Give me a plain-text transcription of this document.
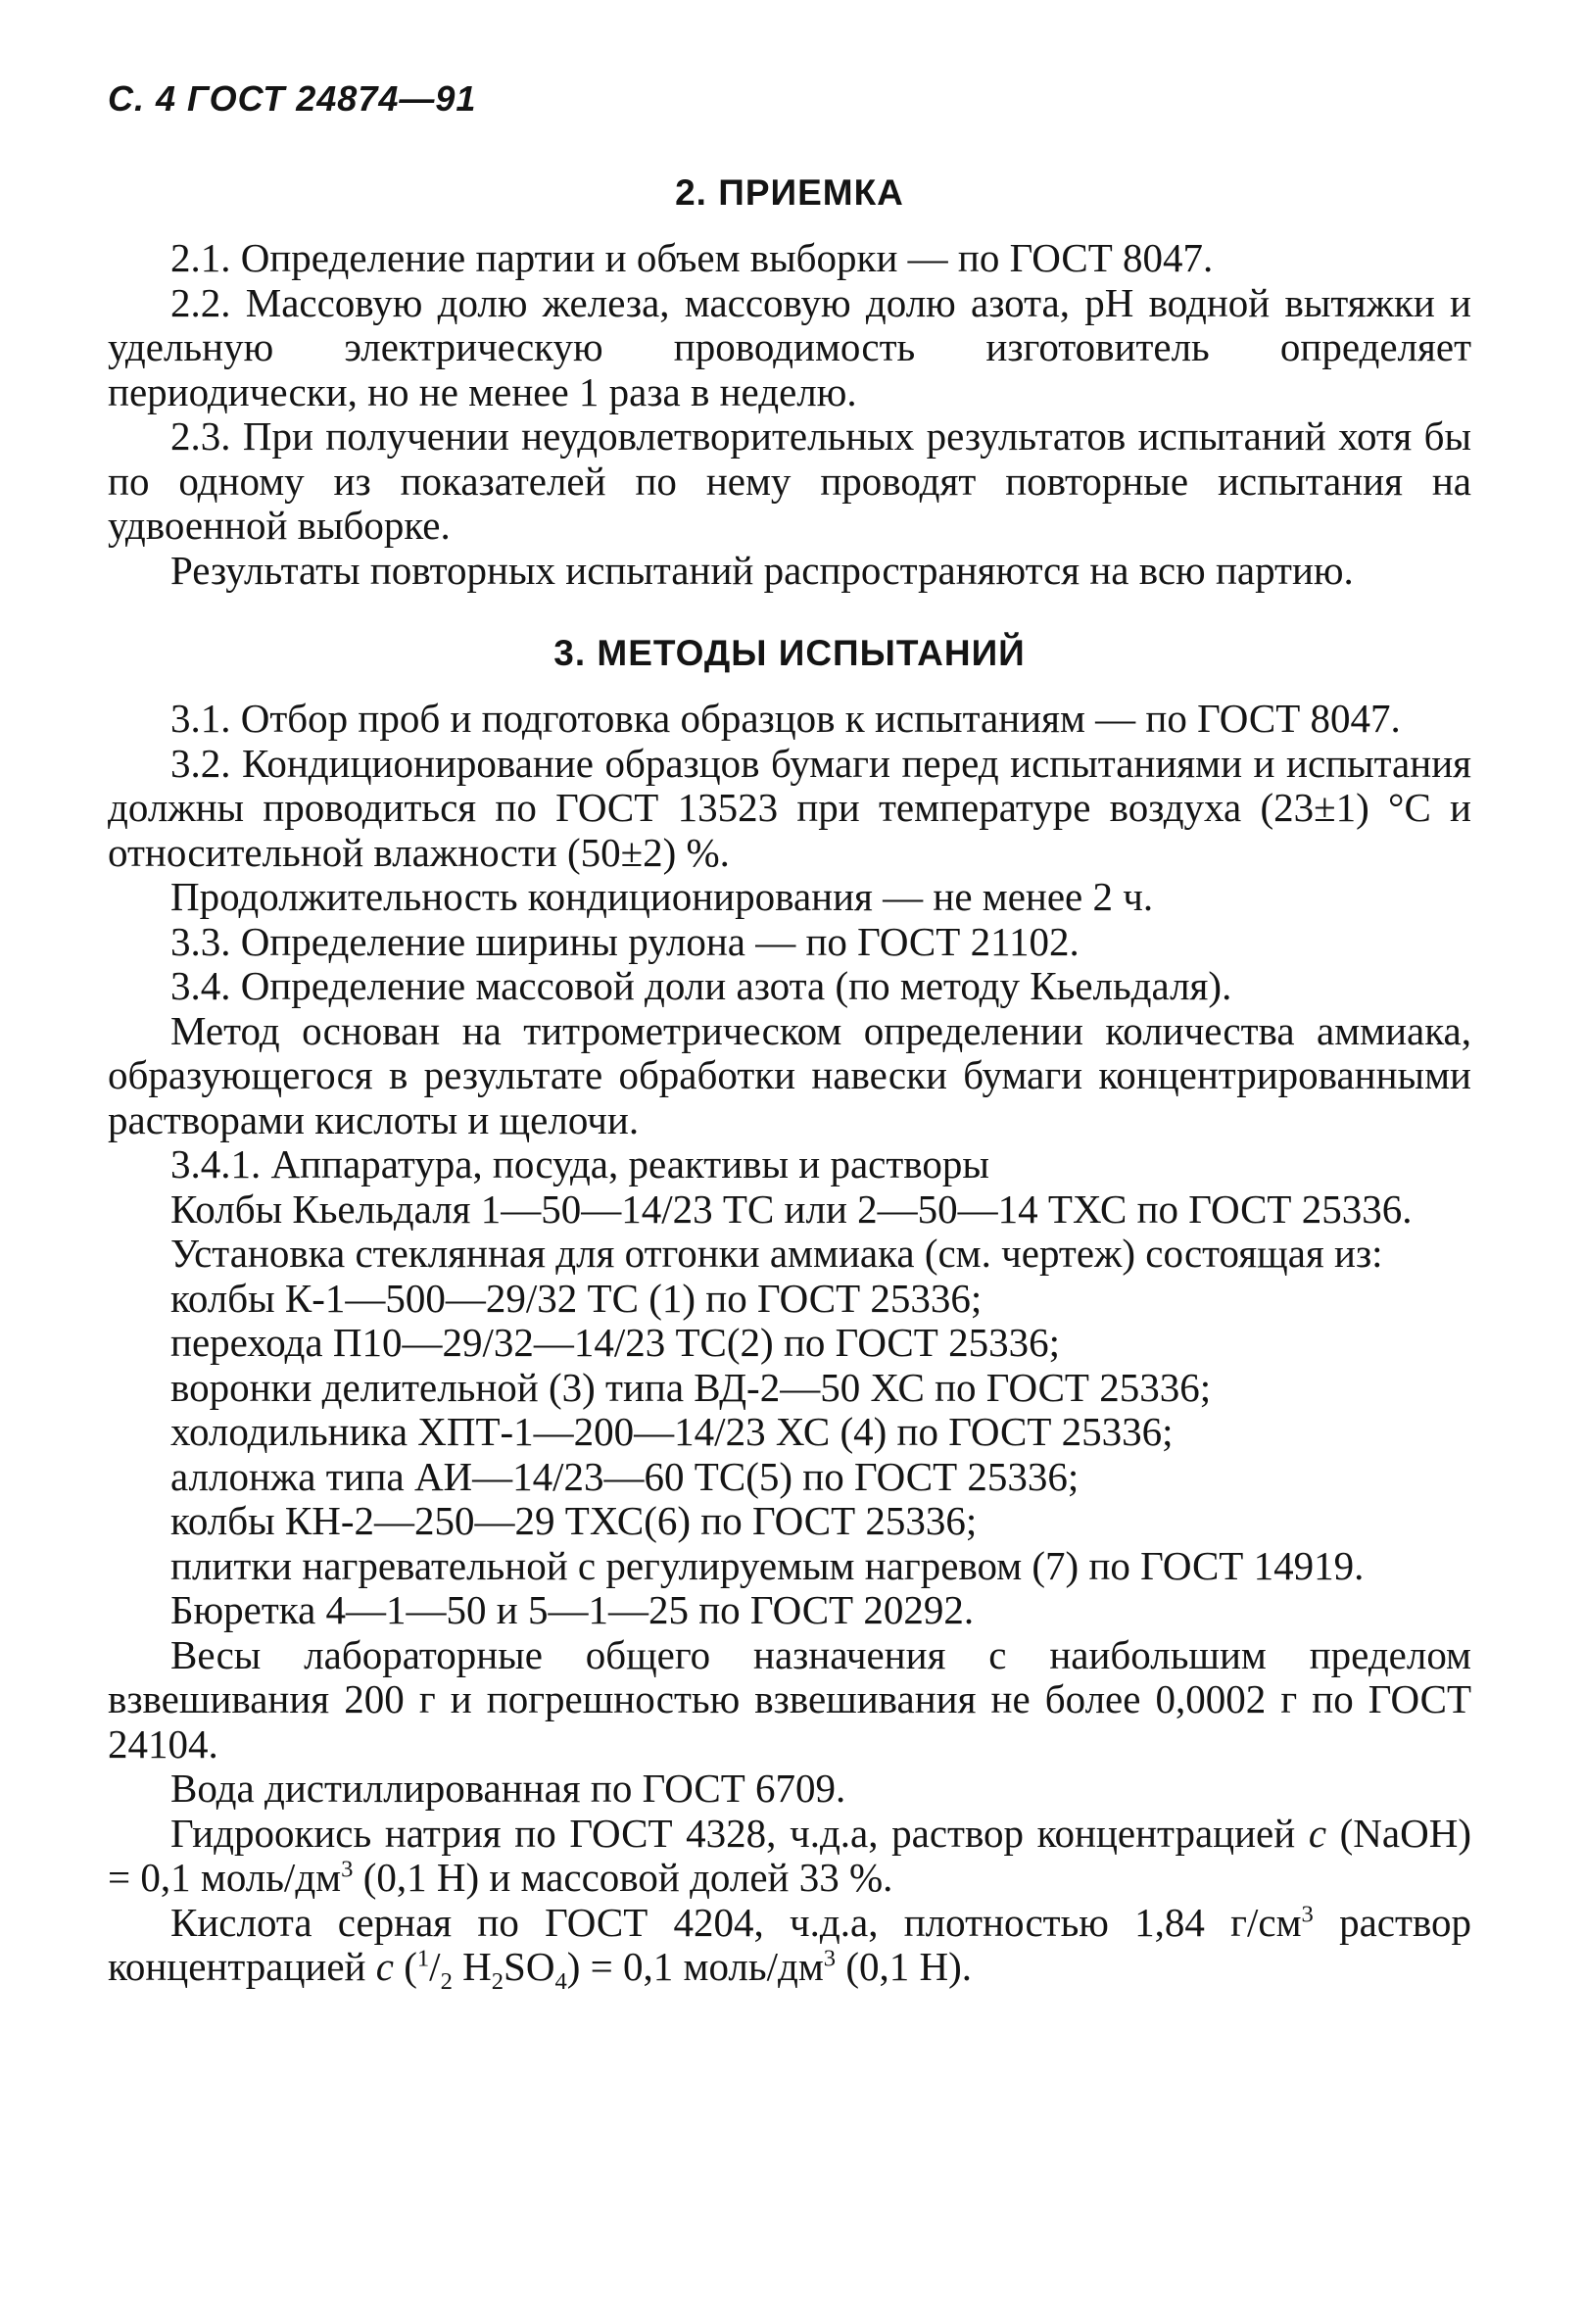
С. 4 ГОСТ 24874—91
2. ПРИЕМКА

2.1. Определение партии и объем выборки — по ГОСТ 8047.

2.2. Массовую долю железа, массовую долю азота, pH водной вытяжки и удельную электрическую проводимость изготовитель определяет периодически, но не менее 1 раза в неделю.

2.3. При получении неудовлетворительных результатов испытаний хотя бы по одному из показателей по нему проводят повторные испытания на удвоенной выборке.

Результаты повторных испытаний распространяются на всю партию.

3. МЕТОДЫ ИСПЫТАНИЙ

3.1. Отбор проб и подготовка образцов к испытаниям — по ГОСТ 8047.

3.2. Кондиционирование образцов бумаги перед испытаниями и испытания должны проводиться по ГОСТ 13523 при температуре воздуха (23±1) °С и относительной влажности (50±2) %.

Продолжительность кондиционирования — не менее 2 ч.

3.3. Определение ширины рулона — по ГОСТ 21102.

3.4. Определение массовой доли азота (по методу Кьельдаля).

Метод основан на титрометрическом определении количества аммиака, образующегося в результате обработки навески бумаги концентрированными растворами кислоты и щелочи.

3.4.1. Аппаратура, посуда, реактивы и растворы

Колбы Кьельдаля 1—50—14/23 ТС или 2—50—14 ТХС по ГОСТ 25336.

Установка стеклянная для отгонки аммиака (см. чертеж) состоящая из:

колбы К-1—500—29/32 ТС (1) по ГОСТ 25336;

перехода П10—29/32—14/23 ТС(2) по ГОСТ 25336;

воронки делительной (3) типа ВД-2—50 ХС по ГОСТ 25336;

холодильника ХПТ-1—200—14/23 ХС (4) по ГОСТ 25336;

аллонжа типа АИ—14/23—60 ТС(5) по ГОСТ 25336;

колбы КН-2—250—29 ТХС(6) по ГОСТ 25336;

плитки нагревательной с регулируемым нагревом (7) по ГОСТ 14919.

Бюретка 4—1—50 и 5—1—25 по ГОСТ 20292.

Весы лабораторные общего назначения с наибольшим пределом взвешивания 200 г и погрешностью взвешивания не более 0,0002 г по ГОСТ 24104.

Вода дистиллированная по ГОСТ 6709.

Гидроокись натрия по ГОСТ 4328, ч.д.а, раствор концентрацией c (NaOH) = 0,1 моль/$дм^3$ (0,1 Н) и массовой долей 33 %.

Кислота серная по ГОСТ 4204, ч.д.а, плотностью 1,84 $г/см^3$ раствор концентрацией c ($^1/_2$ $H_2SO_4) = 0,1$ моль/$дм^3$ (0,1 Н).
